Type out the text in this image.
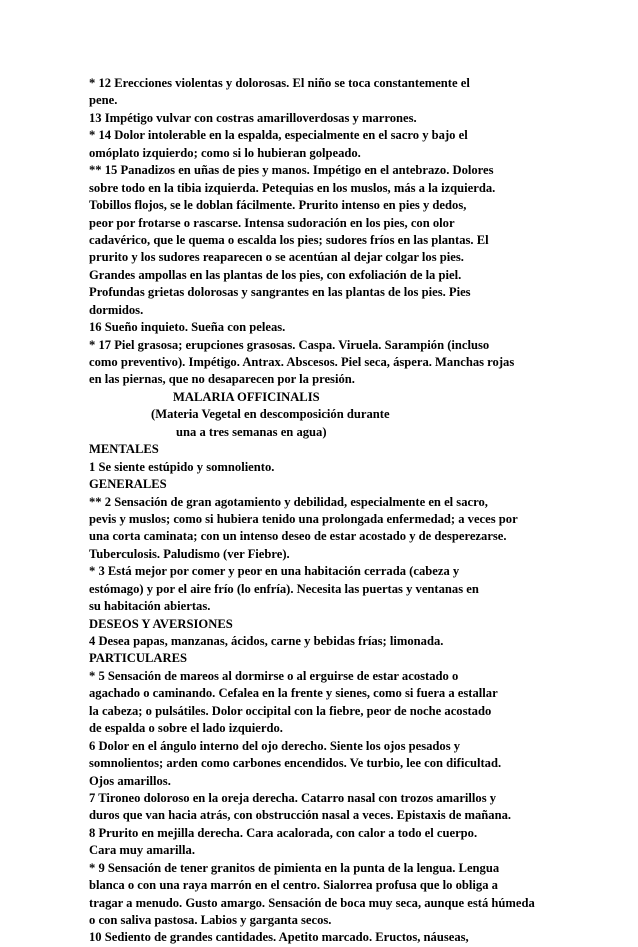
* 12 Erecciones violentas y dolorosas. El niño se toca constantemente el
pene.
13 Impétigo vulvar con costras amarilloverdosas y marrones.
* 14 Dolor intolerable en la espalda, especialmente en el sacro y bajo el
omóplato izquierdo; como si lo hubieran golpeado.
** 15 Panadizos en uñas de pies y manos. Impétigo en el antebrazo. Dolores
sobre todo en la tibia izquierda. Petequias en los muslos, más a la izquierda.
Tobillos flojos, se le doblan fácilmente. Prurito intenso en pies y dedos,
peor por frotarse o rascarse. Intensa sudoración en los pies, con olor
cadavérico, que le quema o escalda los pies; sudores fríos en las plantas. El
prurito y los sudores reaparecen o se acentúan al dejar colgar los pies.
Grandes ampollas en las plantas de los pies, con exfoliación de la piel.
Profundas grietas dolorosas y sangrantes en las plantas de los pies. Pies
dormidos.
16 Sueño inquieto. Sueña con peleas.
* 17 Piel grasosa; erupciones grasosas. Caspa. Viruela. Sarampión (incluso
como preventivo). Impétigo. Antrax. Abscesos. Piel seca, áspera. Manchas rojas
en las piernas, que no desaparecen por la presión.
MALARIA OFFICINALIS
(Materia Vegetal en descomposición durante
una a tres semanas en agua)
MENTALES
1 Se siente estúpido y somnoliento.
GENERALES
** 2 Sensación de gran agotamiento y debilidad, especialmente en el sacro,
pevis y muslos; como si hubiera tenido una prolongada enfermedad; a veces por
una corta caminata; con un intenso deseo de estar acostado y de desperezarse.
Tuberculosis. Paludismo (ver Fiebre).
* 3 Está mejor por comer y peor en una habitación cerrada (cabeza y
estómago) y por el aire frío (lo enfría). Necesita las puertas y ventanas en
su habitación abiertas.
DESEOS Y AVERSIONES
4 Desea papas, manzanas, ácidos, carne y bebidas frías; limonada.
PARTICULARES
* 5 Sensación de mareos al dormirse o al erguirse de estar acostado o
agachado o caminando. Cefalea en la frente y sienes, como si fuera a estallar
la cabeza; o pulsátiles. Dolor occipital con la fiebre, peor de noche acostado
de espalda o sobre el lado izquierdo.
6 Dolor en el ángulo interno del ojo derecho. Siente los ojos pesados y
somnolientos; arden como carbones encendidos. Ve turbio, lee con dificultad.
Ojos amarillos.
7 Tironeo doloroso en la oreja derecha. Catarro nasal con trozos amarillos y
duros que van hacia atrás, con obstrucción nasal a veces. Epistaxis de mañana.
8 Prurito en mejilla derecha. Cara acalorada, con calor a todo el cuerpo.
Cara muy amarilla.
* 9 Sensación de tener granitos de pimienta en la punta de la lengua. Lengua
blanca o con una raya marrón en el centro. Sialorrea profusa que lo obliga a
tragar a menudo. Gusto amargo. Sensación de boca muy seca, aunque está húmeda
o con saliva pastosa. Labios y garganta secos.
10 Sediento de grandes cantidades. Apetito marcado. Eructos, náuseas,
